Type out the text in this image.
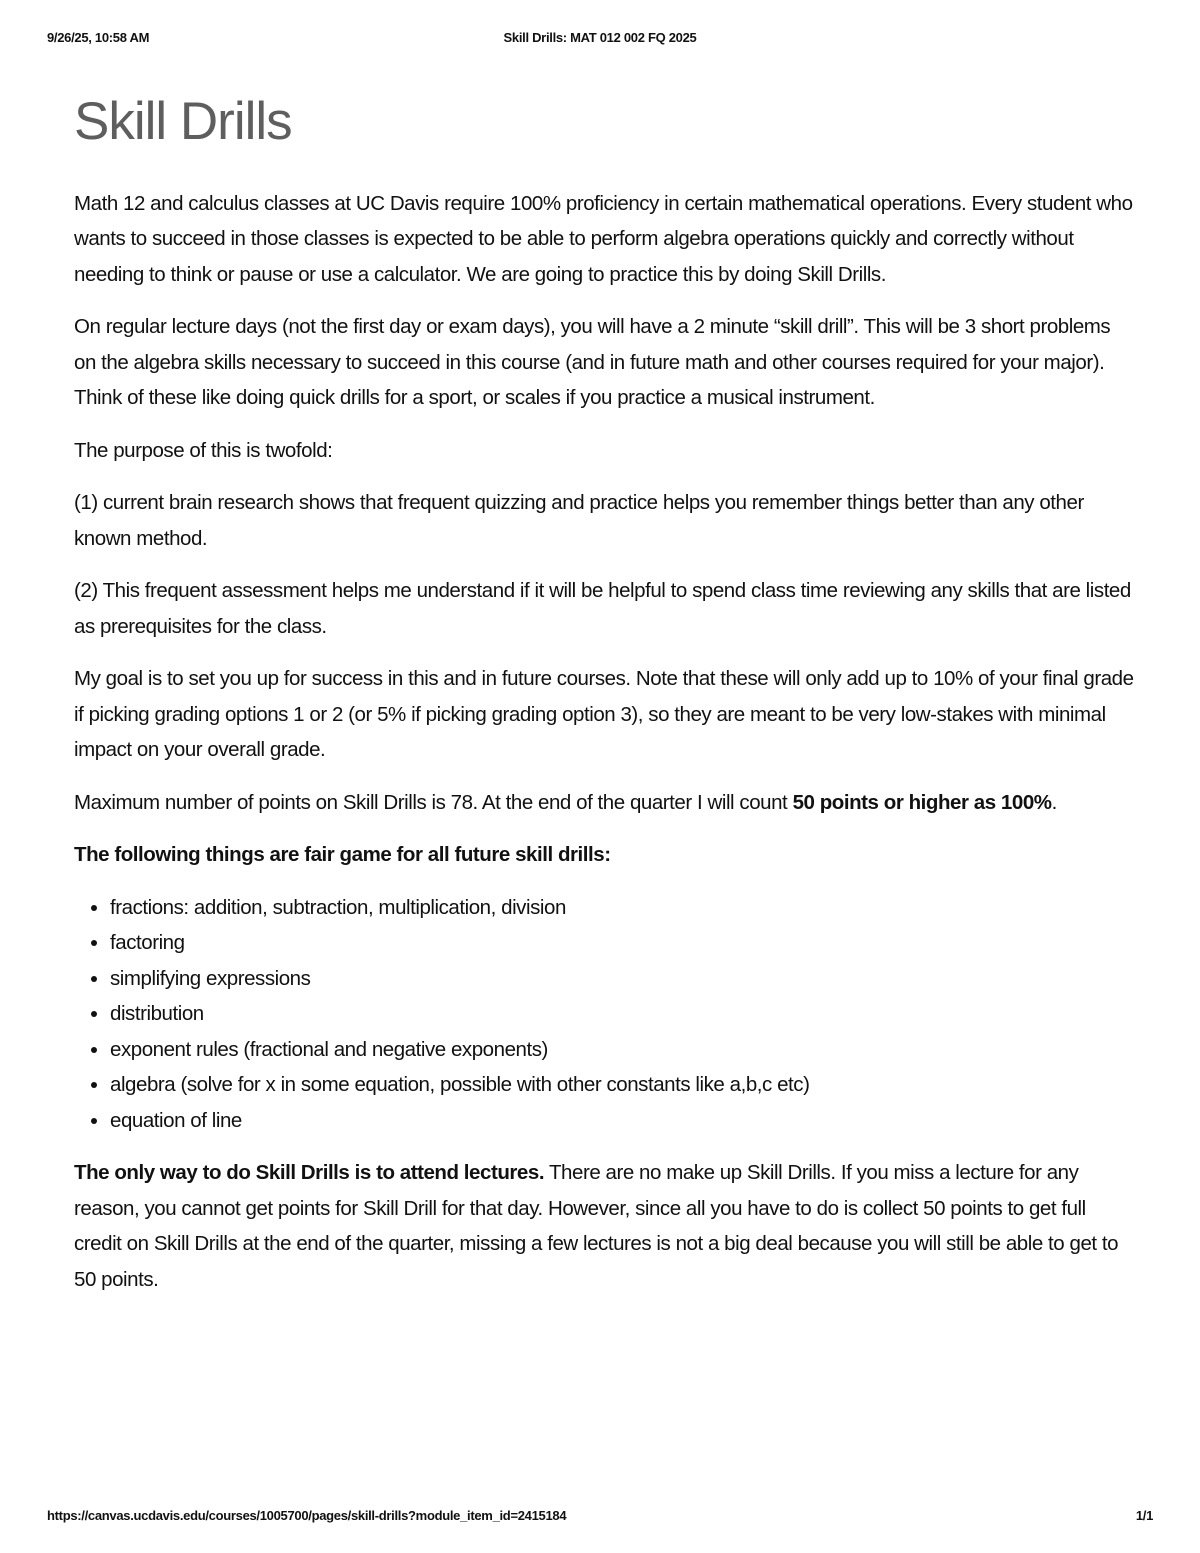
9/26/25, 10:58 AM	Skill Drills: MAT 012 002 FQ 2025
Skill Drills

Math 12 and calculus classes at UC Davis require 100% proficiency in certain mathematical operations. Every student who wants to succeed in those classes is expected to be able to perform algebra operations quickly and correctly without needing to think or pause or use a calculator. We are going to practice this by doing Skill Drills.

On regular lecture days (not the first day or exam days), you will have a 2 minute “skill drill”. This will be 3 short problems on the algebra skills necessary to succeed in this course (and in future math and other courses required for your major). Think of these like doing quick drills for a sport, or scales if you practice a musical instrument.

The purpose of this is twofold:

(1) current brain research shows that frequent quizzing and practice helps you remember things better than any other known method.

(2) This frequent assessment helps me understand if it will be helpful to spend class time reviewing any skills that are listed as prerequisites for the class.

My goal is to set you up for success in this and in future courses. Note that these will only add up to 10% of your final grade if picking grading options 1 or 2 (or 5% if picking grading option 3), so they are meant to be very low-stakes with minimal impact on your overall grade.

Maximum number of points on Skill Drills is 78. At the end of the quarter I will count 50 points or higher as 100%.

The following things are fair game for all future skill drills:

• fractions: addition, subtraction, multiplication, division
• factoring
• simplifying expressions
• distribution
• exponent rules (fractional and negative exponents)
• algebra (solve for x in some equation, possible with other constants like a,b,c etc)
• equation of line

The only way to do Skill Drills is to attend lectures. There are no make up Skill Drills. If you miss a lecture for any reason, you cannot get points for Skill Drill for that day. However, since all you have to do is collect 50 points to get full credit on Skill Drills at the end of the quarter, missing a few lectures is not a big deal because you will still be able to get to 50 points.

https://canvas.ucdavis.edu/courses/1005700/pages/skill-drills?module_item_id=2415184	1/1
